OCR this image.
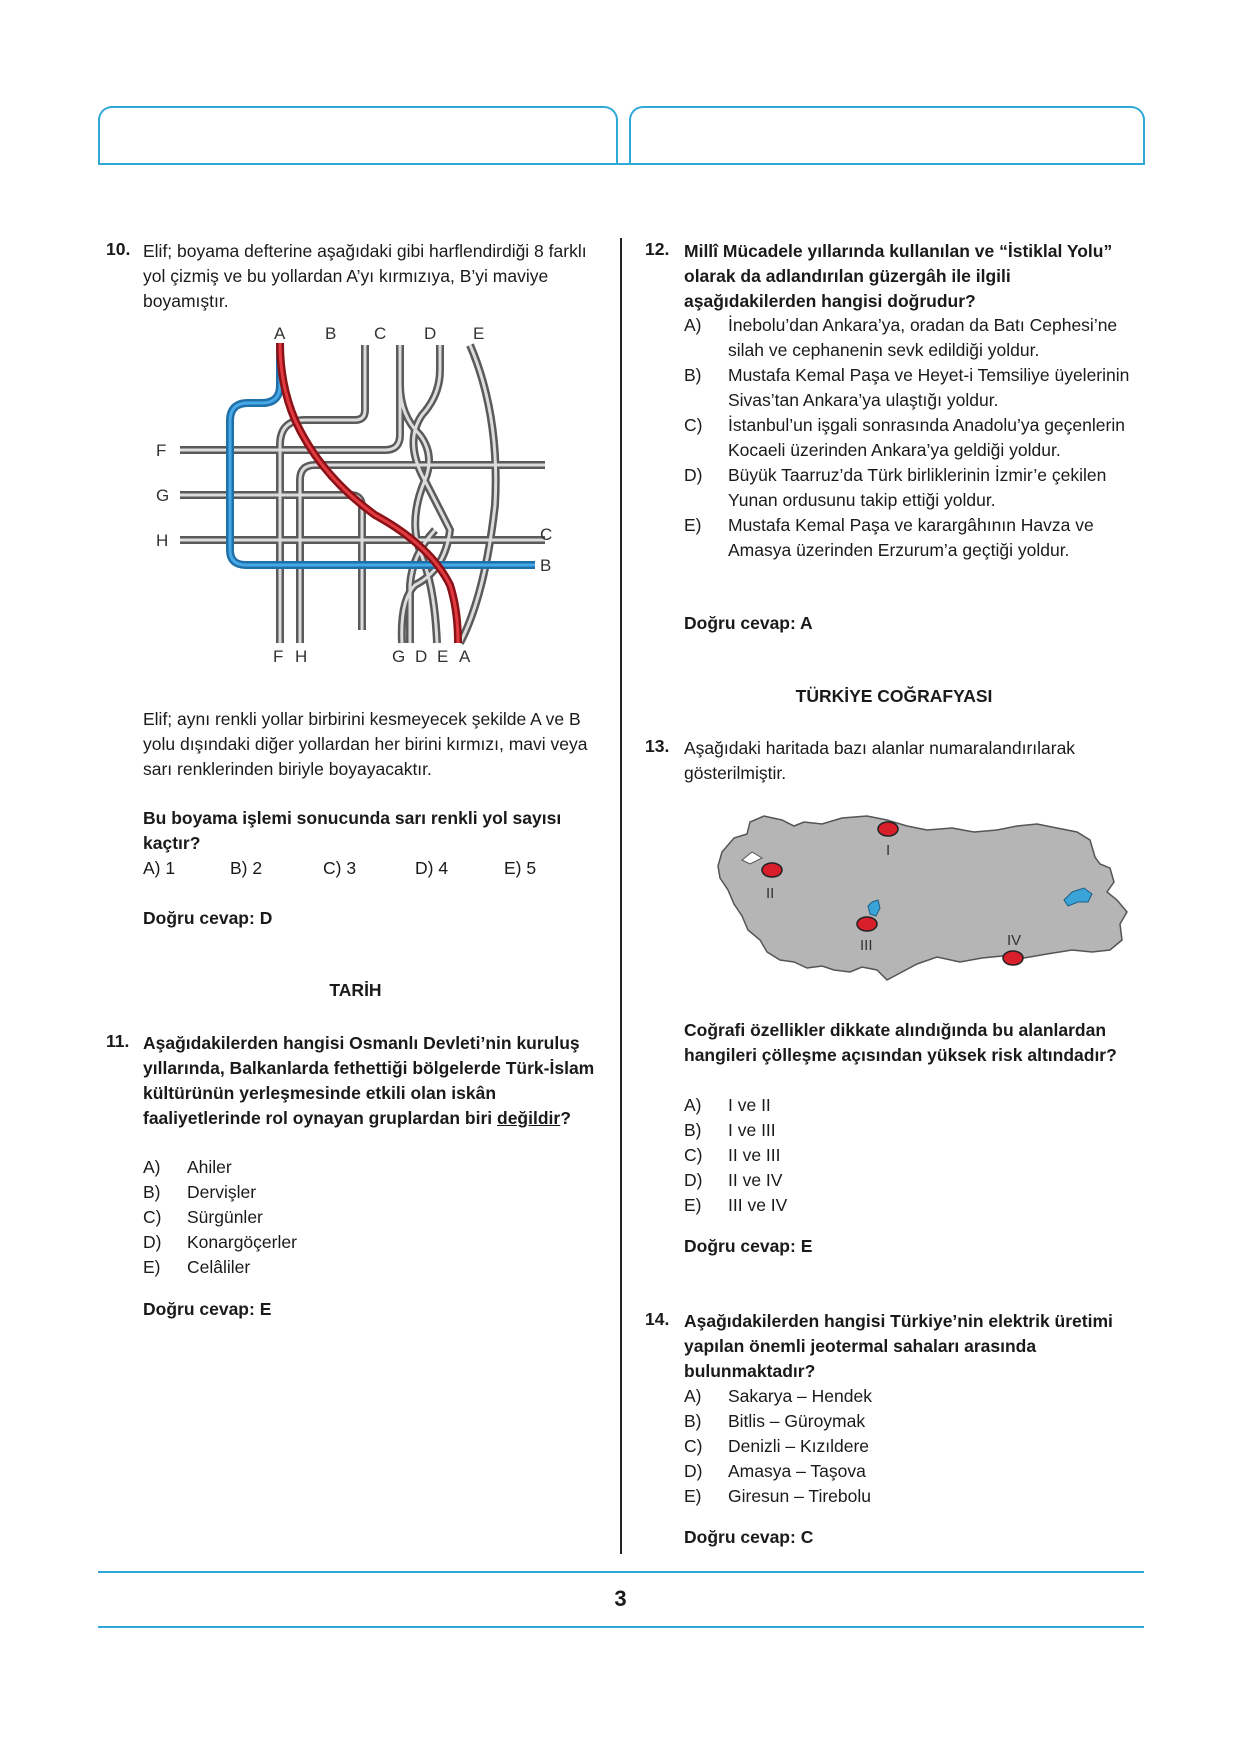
10. Elif; boyama defterine aşağıdaki gibi harflendirdiği 8 farklı yol çizmiş ve bu yollardan A’yı kırmızıya, B’yi maviye boyamıştır.
A B C D E
F
G
H	C
B
F H	G D E A
Elif; aynı renkli yollar birbirini kesmeyecek şekilde A ve B yolu dışındaki diğer yollardan her birini kırmızı, mavi veya sarı renklerinden biriyle boyayacaktır.
Bu boyama işlemi sonucunda sarı renkli yol sayısı kaçtır?
A) 1	B) 2	C) 3	D) 4	E) 5
Doğru cevap: D
TARİH
11. Aşağıdakilerden hangisi Osmanlı Devleti’nin kuruluş yıllarında, Balkanlarda fethettiği bölgelerde Türk-İslam kültürünün yerleşmesinde etkili olan iskân faaliyetlerinde rol oynayan gruplardan biri değildir?
A) Ahiler
B) Dervişler
C) Sürgünler
D) Konargöçerler
E) Celâliler
Doğru cevap: E
12. Millî Mücadele yıllarında kullanılan ve “İstiklal Yolu” olarak da adlandırılan güzergâh ile ilgili aşağıdakilerden hangisi doğrudur?
A) İnebolu’dan Ankara’ya, oradan da Batı Cephesi’ne silah ve cephanenin sevk edildiği yoldur.
B) Mustafa Kemal Paşa ve Heyet-i Temsiliye üyelerinin Sivas’tan Ankara’ya ulaştığı yoldur.
C) İstanbul’un işgali sonrasında Anadolu’ya geçenlerin Kocaeli üzerinden Ankara’ya geldiği yoldur.
D) Büyük Taarruz’da Türk birliklerinin İzmir’e çekilen Yunan ordusunu takip ettiği yoldur.
E) Mustafa Kemal Paşa ve karargâhının Havza ve Amasya üzerinden Erzurum’a geçtiği yoldur.
Doğru cevap: A
TÜRKİYE COĞRAFYASI
13. Aşağıdaki haritada bazı alanlar numaralandırılarak gösterilmiştir.
I
II
III	IV
Coğrafi özellikler dikkate alındığında bu alanlardan hangileri çölleşme açısından yüksek risk altındadır?
A) I ve II
B) I ve III
C) II ve III
D) II ve IV
E) III ve IV
Doğru cevap: E
14. Aşağıdakilerden hangisi Türkiye’nin elektrik üretimi yapılan önemli jeotermal sahaları arasında bulunmaktadır?
A) Sakarya – Hendek
B) Bitlis – Güroymak
C) Denizli – Kızıldere
D) Amasya – Taşova
E) Giresun – Tirebolu
Doğru cevap: C
3
